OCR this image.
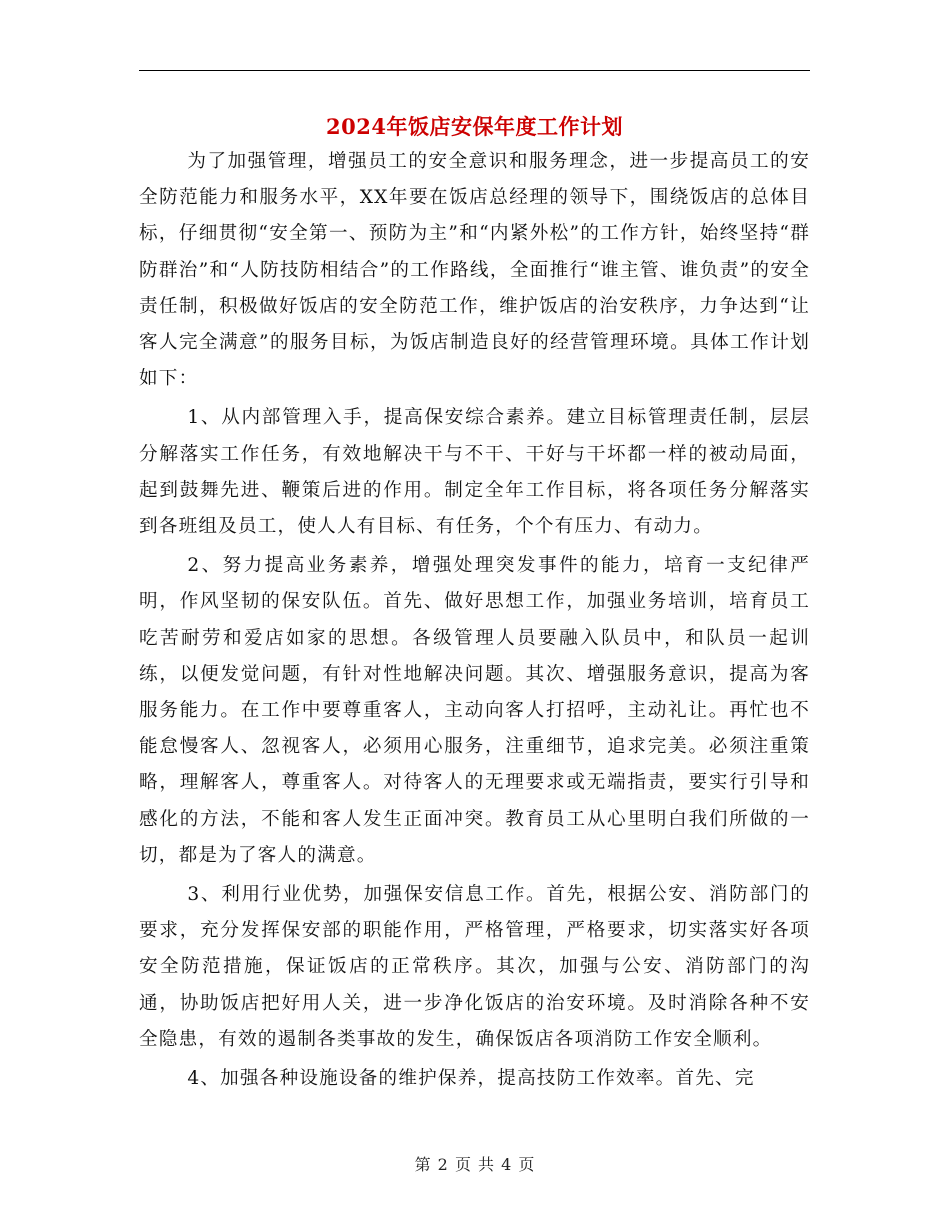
2024年饭店安保年度工作计划

为了加强管理，增强员工的安全意识和服务理念，进一步提高员工的安全防范能力和服务水平，XX年要在饭店总经理的领导下，围绕饭店的总体目标，仔细贯彻“安全第一、预防为主”和“内紧外松”的工作方针，始终坚持“群防群治”和“人防技防相结合”的工作路线，全面推行“谁主管、谁负责”的安全责任制，积极做好饭店的安全防范工作，维护饭店的治安秩序，力争达到“让客人完全满意”的服务目标，为饭店制造良好的经营管理环境。具体工作计划如下：

1、从内部管理入手，提高保安综合素养。建立目标管理责任制，层层分解落实工作任务，有效地解决干与不干、干好与干坏都一样的被动局面，起到鼓舞先进、鞭策后进的作用。制定全年工作目标，将各项任务分解落实到各班组及员工，使人人有目标、有任务，个个有压力、有动力。

2、努力提高业务素养，增强处理突发事件的能力，培育一支纪律严明，作风坚韧的保安队伍。首先、做好思想工作，加强业务培训，培育员工吃苦耐劳和爱店如家的思想。各级管理人员要融入队员中，和队员一起训练，以便发觉问题，有针对性地解决问题。其次、增强服务意识，提高为客服务能力。在工作中要尊重客人，主动向客人打招呼，主动礼让。再忙也不能怠慢客人、忽视客人，必须用心服务，注重细节，追求完美。必须注重策略，理解客人，尊重客人。对待客人的无理要求或无端指责，要实行引导和感化的方法，不能和客人发生正面冲突。教育员工从心里明白我们所做的一切，都是为了客人的满意。

3、利用行业优势，加强保安信息工作。首先，根据公安、消防部门的要求，充分发挥保安部的职能作用，严格管理，严格要求，切实落实好各项安全防范措施，保证饭店的正常秩序。其次，加强与公安、消防部门的沟通，协助饭店把好用人关，进一步净化饭店的治安环境。及时消除各种不安全隐患，有效的遏制各类事故的发生，确保饭店各项消防工作安全顺利。

4、加强各种设施设备的维护保养，提高技防工作效率。首先、完

第 2 页 共 4 页
